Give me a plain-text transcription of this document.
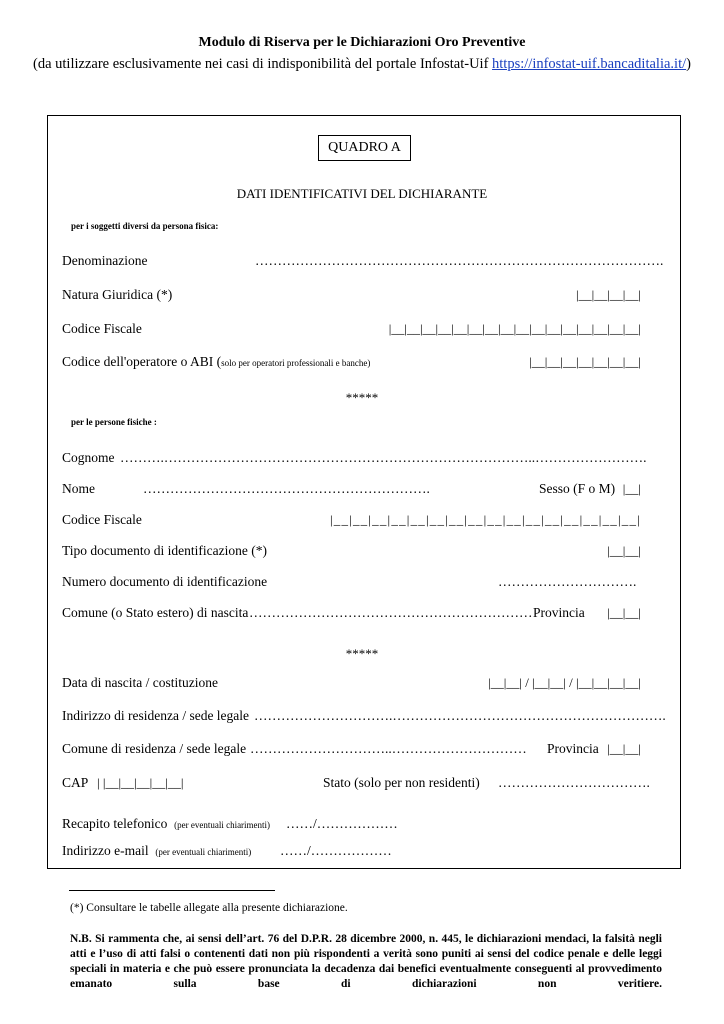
Modulo di Riserva per le Dichiarazioni Oro Preventive
(da utilizzare esclusivamente nei casi di indisponibilità del portale Infostat-Uif https://infostat-uif.bancaditalia.it/)
QUADRO A
DATI IDENTIFICATIVI DEL DICHIARANTE
per i soggetti diversi da persona fisica:
Denominazione	……………………………………………………………………………….
Natura Giuridica (*)	|__|__|__|__|
Codice Fiscale	|__|__|__|__|__|__|__|__|__|__|__|__|__|__|__|__|
Codice dell'operatore o ABI (solo per operatori professionali e banche)	|__|__|__|__|__|__|__|
*****
per le persone fisiche :
Cognome ……….………………………………………………………………………..…………………….
Nome	……………………………………………………….	Sesso (F o M) |__|
Codice Fiscale	|__|__|__|__|__|__|__|__|__|__|__|__|__|__|__|__|
Tipo documento di identificazione (*)	|__|__|
Numero documento di identificazione	………………………….
Comune (o Stato estero) di nascita ……………………………………………………… Provincia |__|__|
*****
Data di nascita / costituzione	|__|__| / |__|__| / |__|__|__|__|
Indirizzo di residenza / sede legale ………………………….…………………………………………………….
Comune di residenza / sede legale …………………………..………………………… Provincia |__|__|
CAP | |__|__|__|__|__|	Stato (solo per non residenti) …………………………….
Recapito telefonico (per eventuali chiarimenti) ……/………………
Indirizzo e-mail (per eventuali chiarimenti) ……/………………
(*) Consultare le tabelle allegate alla presente dichiarazione.
N.B. Si rammenta che, ai sensi dell’art. 76 del D.P.R. 28 dicembre 2000, n. 445, le dichiarazioni mendaci, la falsità negli atti e l’uso di atti falsi o contenenti dati non più rispondenti a verità sono puniti ai sensi del codice penale e delle leggi speciali in materia e che può essere pronunciata la decadenza dai benefici eventualmente conseguenti al provvedimento emanato sulla base di dichiarazioni non veritiere.
